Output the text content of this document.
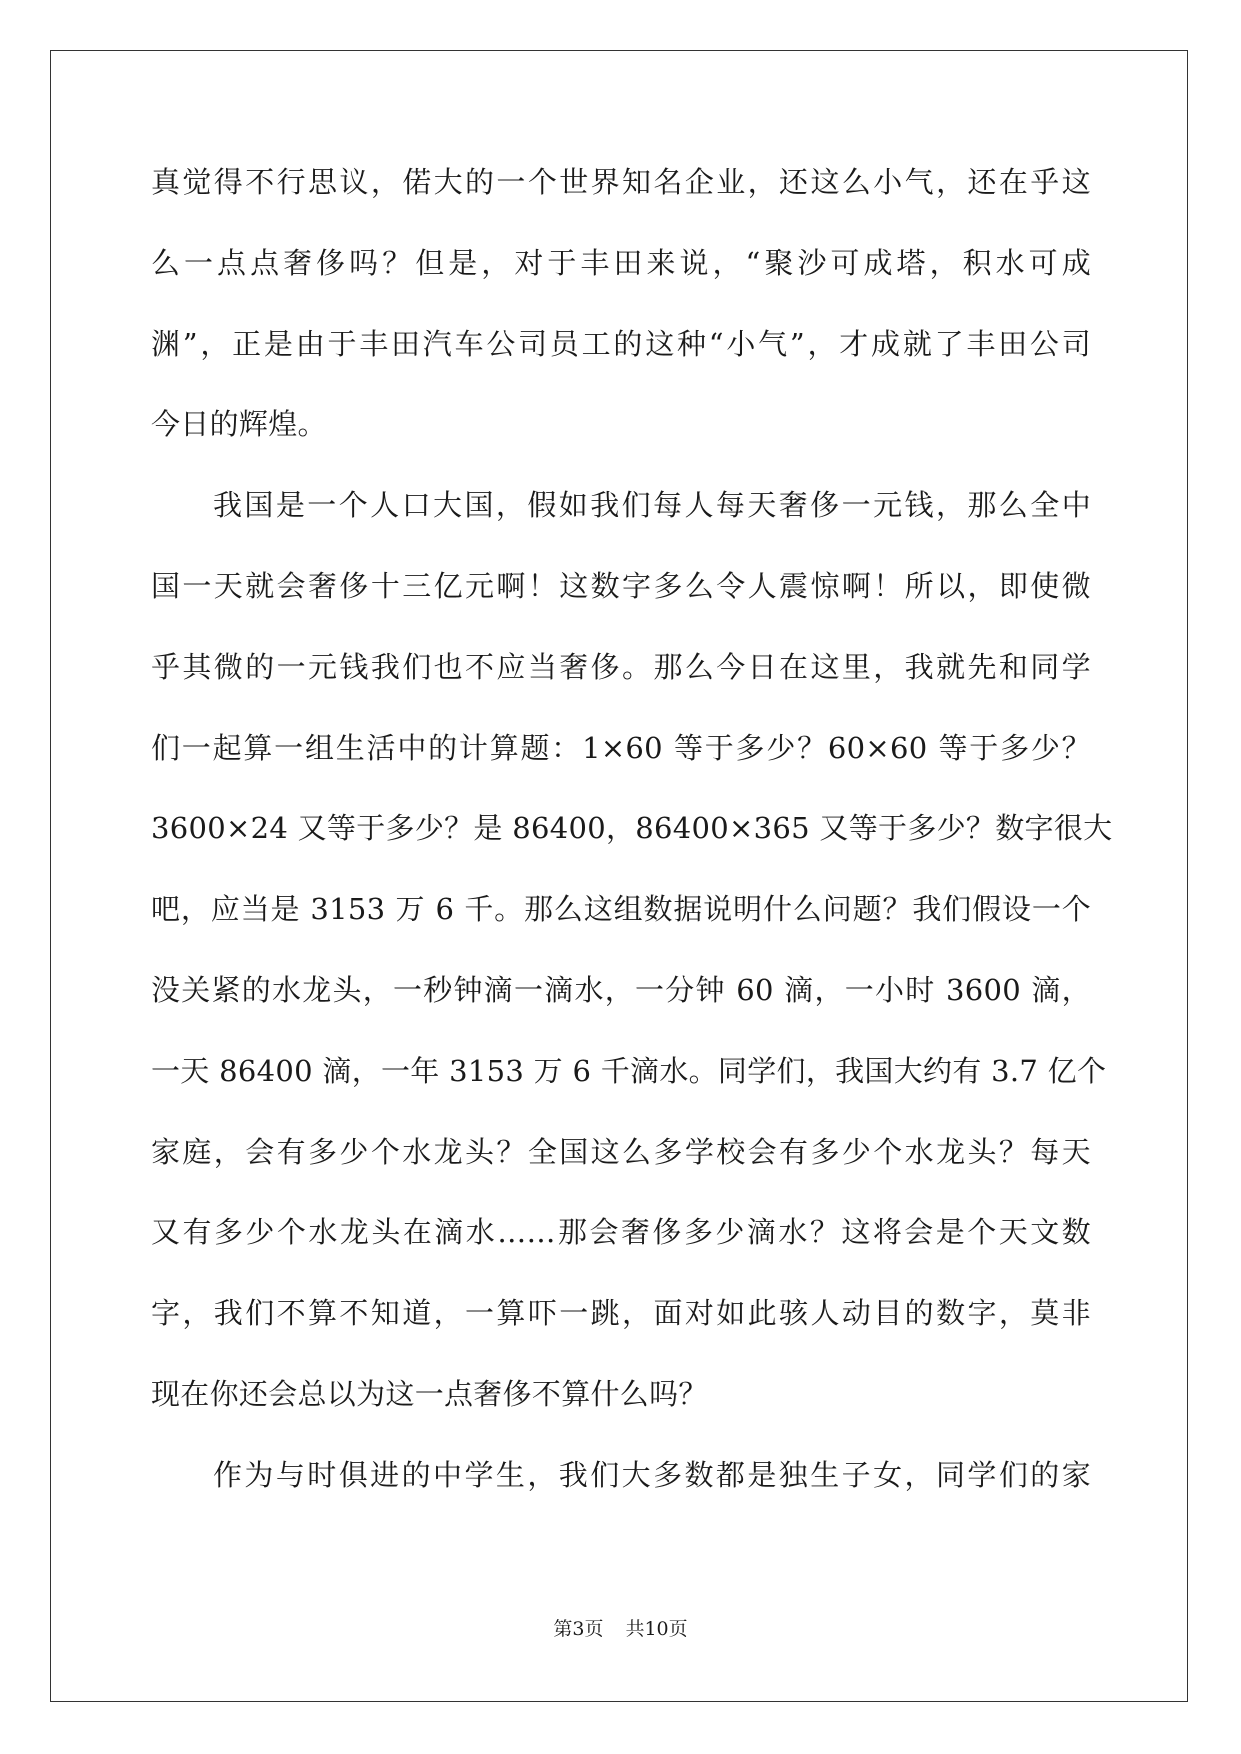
真觉得不行思议，偌大的一个世界知名企业，还这么小气，还在乎这
么一点点奢侈吗？但是，对于丰田来说，“聚沙可成塔，积水可成
渊”，正是由于丰田汽车公司员工的这种“小气”，才成就了丰田公司
今日的辉煌。
我国是一个人口大国，假如我们每人每天奢侈一元钱，那么全中
国一天就会奢侈十三亿元啊！这数字多么令人震惊啊！所以，即使微
乎其微的一元钱我们也不应当奢侈。那么今日在这里，我就先和同学
们一起算一组生活中的计算题：1×60 等于多少？60×60 等于多少？
3600×24 又等于多少？是 86400，86400×365 又等于多少？数字很大
吧，应当是 3153 万 6 千。那么这组数据说明什么问题？我们假设一个
没关紧的水龙头，一秒钟滴一滴水，一分钟 60 滴，一小时 3600 滴，
一天 86400 滴，一年 3153 万 6 千滴水。同学们，我国大约有 3.7 亿个
家庭，会有多少个水龙头？全国这么多学校会有多少个水龙头？每天
又有多少个水龙头在滴水……那会奢侈多少滴水？这将会是个天文数
字，我们不算不知道，一算吓一跳，面对如此骇人动目的数字，莫非
现在你还会总以为这一点奢侈不算什么吗？
作为与时俱进的中学生，我们大多数都是独生子女，同学们的家
第3页 共10页
